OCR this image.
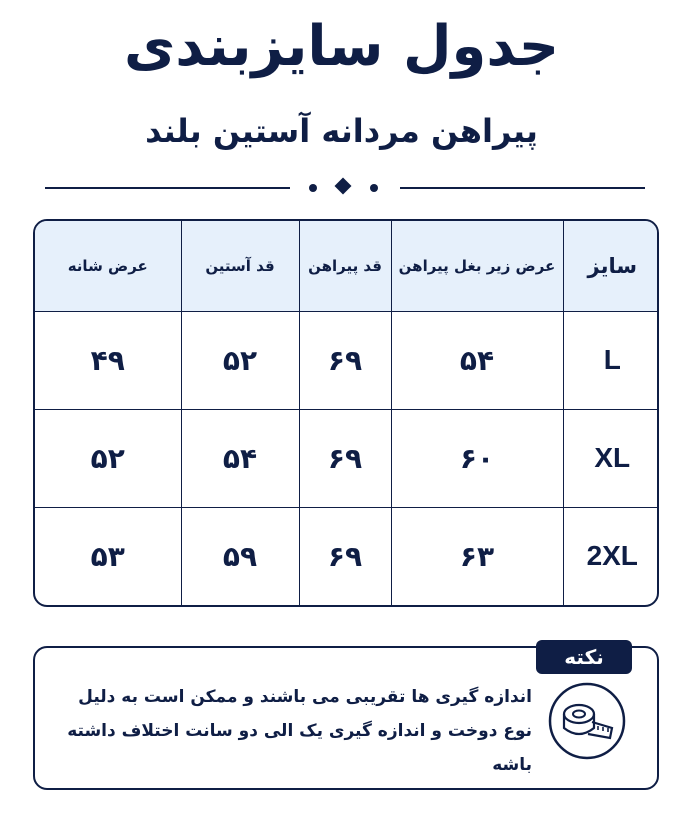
جدول سایزبندی
پیراهن مردانه آستین بلند
سایز	عرض زیر بغل پیراهن	قد پیراهن	قد آستین	عرض شانه
L	۵۴	۶۹	۵۲	۴۹
XL	۶۰	۶۹	۵۴	۵۲
2XL	۶۳	۶۹	۵۹	۵۳
نکته
اندازه گیری ها تقریبی می باشند و ممکن است به دلیل
نوع دوخت و اندازه گیری یک الی دو سانت اختلاف داشته باشه
